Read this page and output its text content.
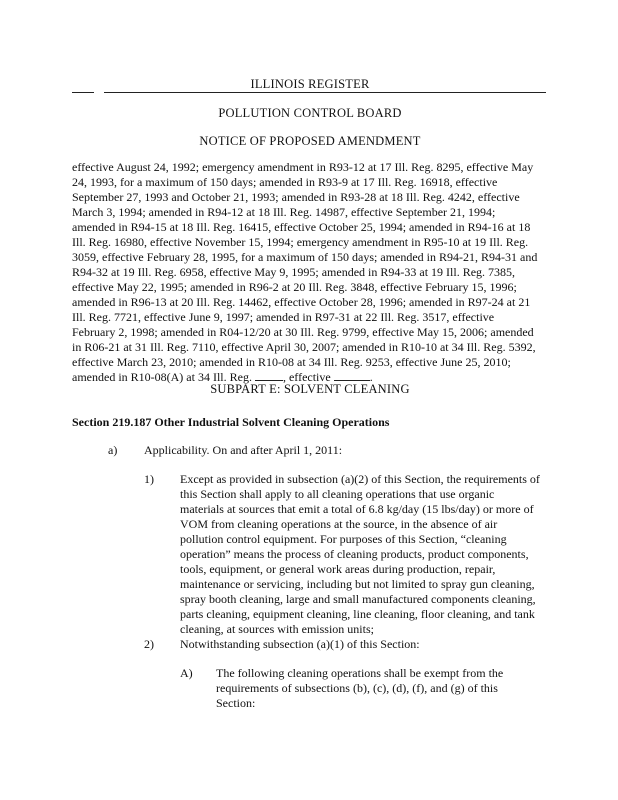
ILLINOIS REGISTER
POLLUTION CONTROL BOARD
NOTICE OF PROPOSED AMENDMENT
effective August 24, 1992; emergency amendment in R93-12 at 17 Ill. Reg. 8295, effective May
24, 1993, for a maximum of 150 days; amended in R93-9 at 17 Ill. Reg. 16918, effective
September 27, 1993 and October 21, 1993; amended in R93-28 at 18 Ill. Reg. 4242, effective
March 3, 1994; amended in R94-12 at 18 Ill. Reg. 14987, effective September 21, 1994;
amended in R94-15 at 18 Ill. Reg. 16415, effective October 25, 1994; amended in R94-16 at 18
Ill. Reg. 16980, effective November 15, 1994; emergency amendment in R95-10 at 19 Ill. Reg.
3059, effective February 28, 1995, for a maximum of 150 days; amended in R94-21, R94-31 and
R94-32 at 19 Ill. Reg. 6958, effective May 9, 1995; amended in R94-33 at 19 Ill. Reg. 7385,
effective May 22, 1995; amended in R96-2 at 20 Ill. Reg. 3848, effective February 15, 1996;
amended in R96-13 at 20 Ill. Reg. 14462, effective October 28, 1996; amended in R97-24 at 21
Ill. Reg. 7721, effective June 9, 1997; amended in R97-31 at 22 Ill. Reg. 3517, effective
February 2, 1998; amended in R04-12/20 at 30 Ill. Reg. 9799, effective May 15, 2006; amended
in R06-21 at 31 Ill. Reg. 7110, effective April 30, 2007; amended in R10-10 at 34 Ill. Reg. 5392,
effective March 23, 2010; amended in R10-08 at 34 Ill. Reg. 9253, effective June 25, 2010;
amended in R10-08(A) at 34 Ill. Reg.	, effective	.
SUBPART E: SOLVENT CLEANING
Section 219.187 Other Industrial Solvent Cleaning Operations
a) Applicability. On and after April 1, 2011:
1) Except as provided in subsection (a)(2) of this Section, the requirements of
this Section shall apply to all cleaning operations that use organic
materials at sources that emit a total of 6.8 kg/day (15 lbs/day) or more of
VOM from cleaning operations at the source, in the absence of air
pollution control equipment. For purposes of this Section, “cleaning
operation” means the process of cleaning products, product components,
tools, equipment, or general work areas during production, repair,
maintenance or servicing, including but not limited to spray gun cleaning,
spray booth cleaning, large and small manufactured components cleaning,
parts cleaning, equipment cleaning, line cleaning, floor cleaning, and tank
cleaning, at sources with emission units;
2) Notwithstanding subsection (a)(1) of this Section:
A) The following cleaning operations shall be exempt from the
requirements of subsections (b), (c), (d), (f), and (g) of this
Section:
